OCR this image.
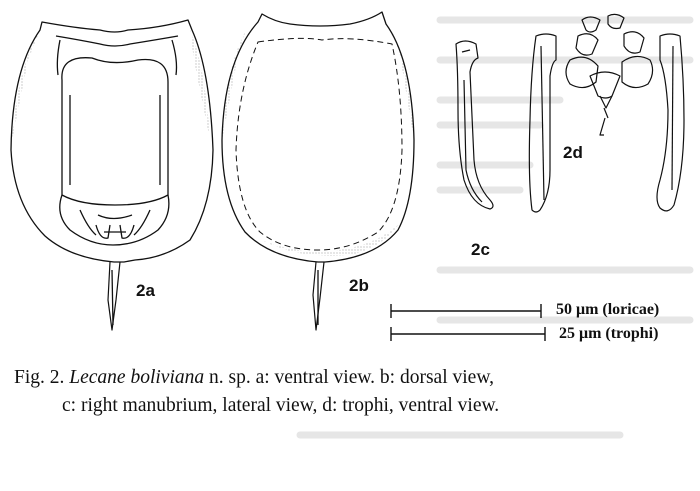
2a	2b
2c
2d
50 μm (loricae)
25 μm (trophi)
Fig. 2. Lecane boliviana n. sp. a: ventral view. b: dorsal view,
c: right manubrium, lateral view, d: trophi, ventral view.
